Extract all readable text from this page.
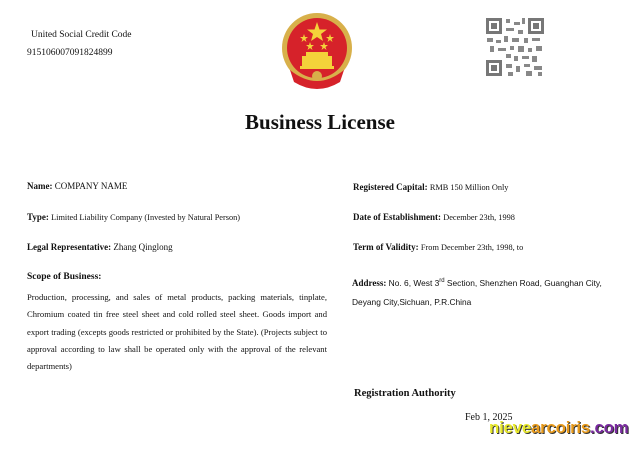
United Social Credit Code
915106007091824899
Business License
Name: COMPANY NAME
Type: Limited Liability Company (Invested by Natural Person)
Legal Representative: Zhang Qinglong
Registered Capital: RMB 150 Million Only
Date of Establishment: December 23th, 1998
Term of Validity: From December 23th, 1998, to
Scope of Business:
Production, processing, and sales of metal products, packing materials, tinplate, Chromium coated tin free steel sheet and cold rolled steel sheet. Goods import and export trading (excepts goods restricted or prohibited by the State). (Projects subject to approval according to law shall be operated only with the approval of the relevant departments)
Address: No. 6, West 3rd Section, Shenzhen Road, Guanghan City,
Deyang City,Sichuan, P.R.China
Registration Authority
Feb 1, 2025
nievearcoiris.com
